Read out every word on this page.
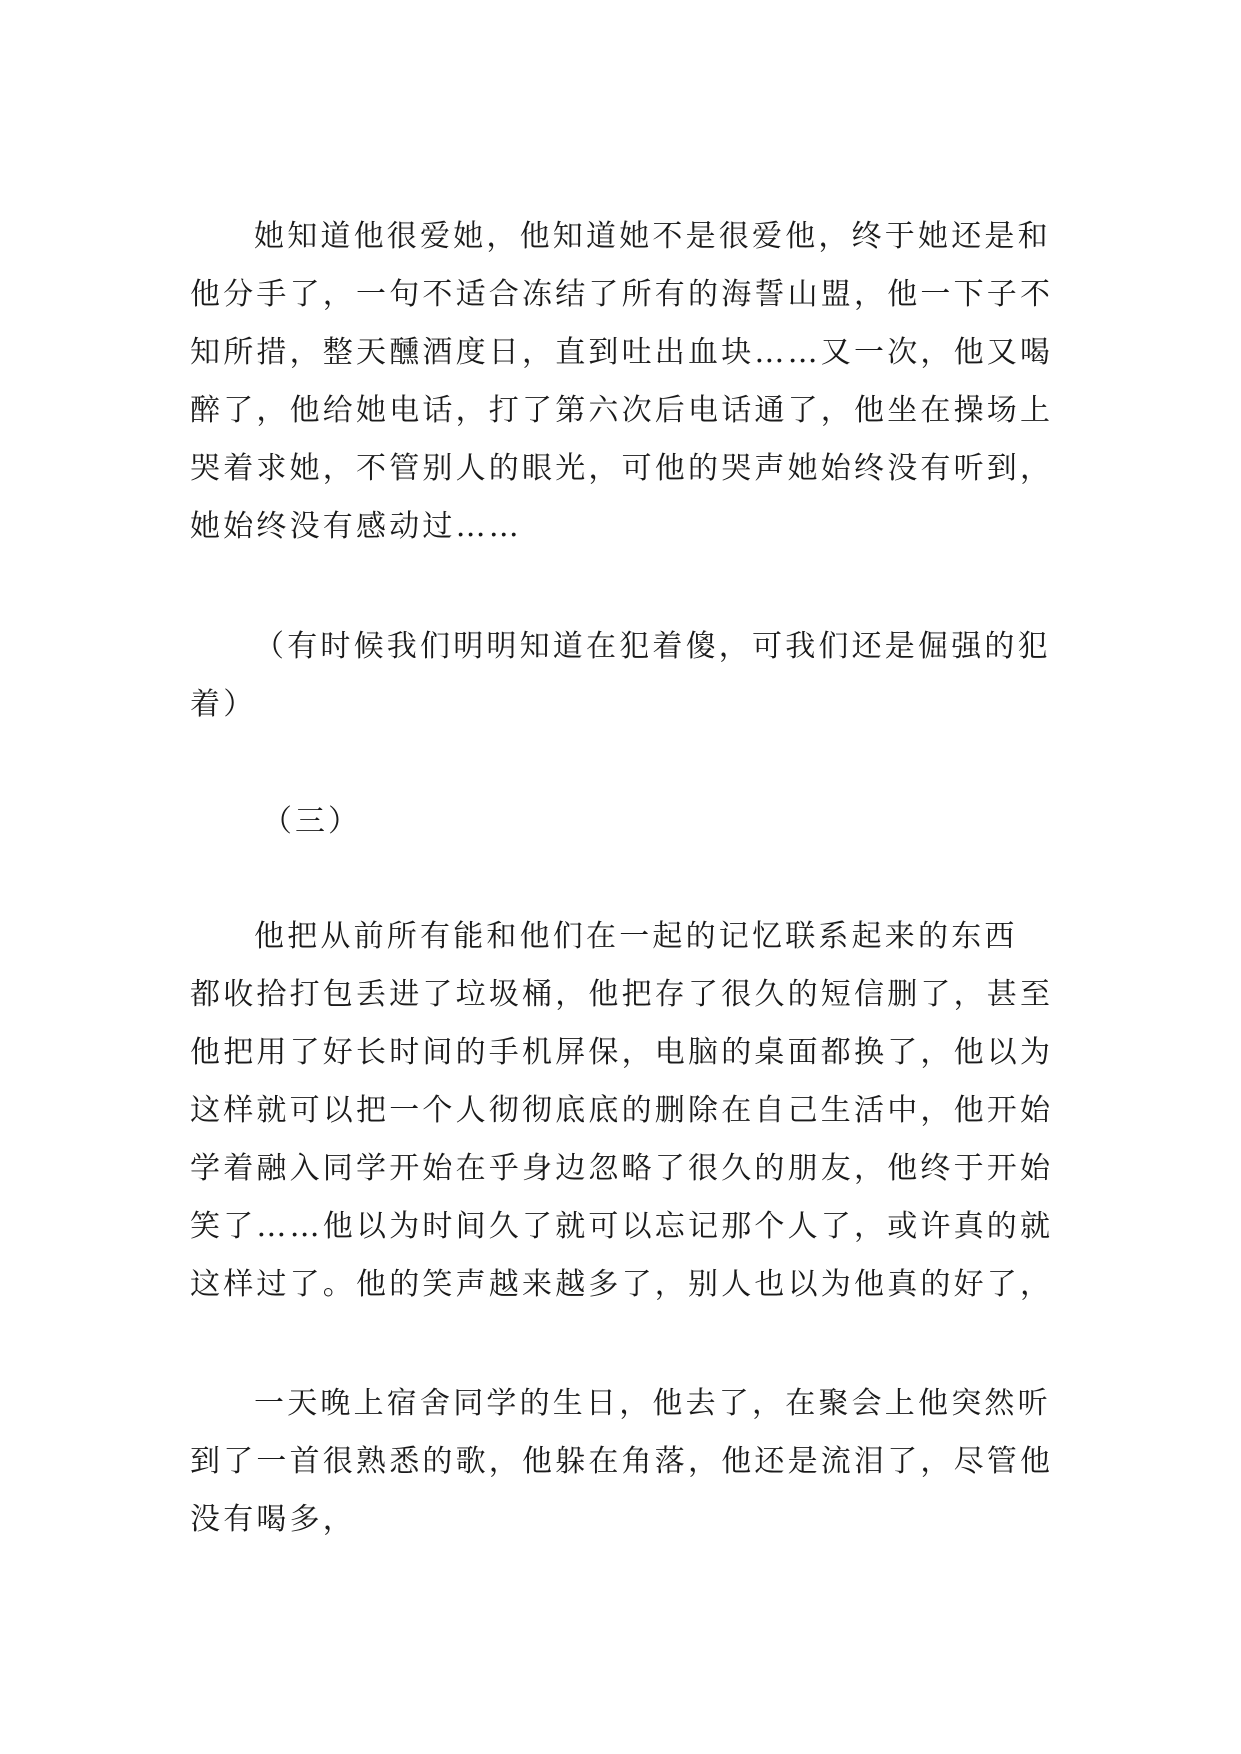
她知道他很爱她，他知道她不是很爱他，终于她还是和
他分手了，一句不适合冻结了所有的海誓山盟，他一下子不
知所措，整天醺酒度日，直到吐出血块……又一次，他又喝
醉了，他给她电话，打了第六次后电话通了，他坐在操场上
哭着求她，不管别人的眼光，可他的哭声她始终没有听到，
她始终没有感动过……
（有时候我们明明知道在犯着傻，可我们还是倔强的犯
着）
（三）
他把从前所有能和他们在一起的记忆联系起来的东西
都收拾打包丢进了垃圾桶，他把存了很久的短信删了，甚至
他把用了好长时间的手机屏保，电脑的桌面都换了，他以为
这样就可以把一个人彻彻底底的删除在自己生活中，他开始
学着融入同学开始在乎身边忽略了很久的朋友，他终于开始
笑了……他以为时间久了就可以忘记那个人了，或许真的就
这样过了。他的笑声越来越多了，别人也以为他真的好了，
一天晚上宿舍同学的生日，他去了，在聚会上他突然听
到了一首很熟悉的歌，他躲在角落，他还是流泪了，尽管他
没有喝多，
